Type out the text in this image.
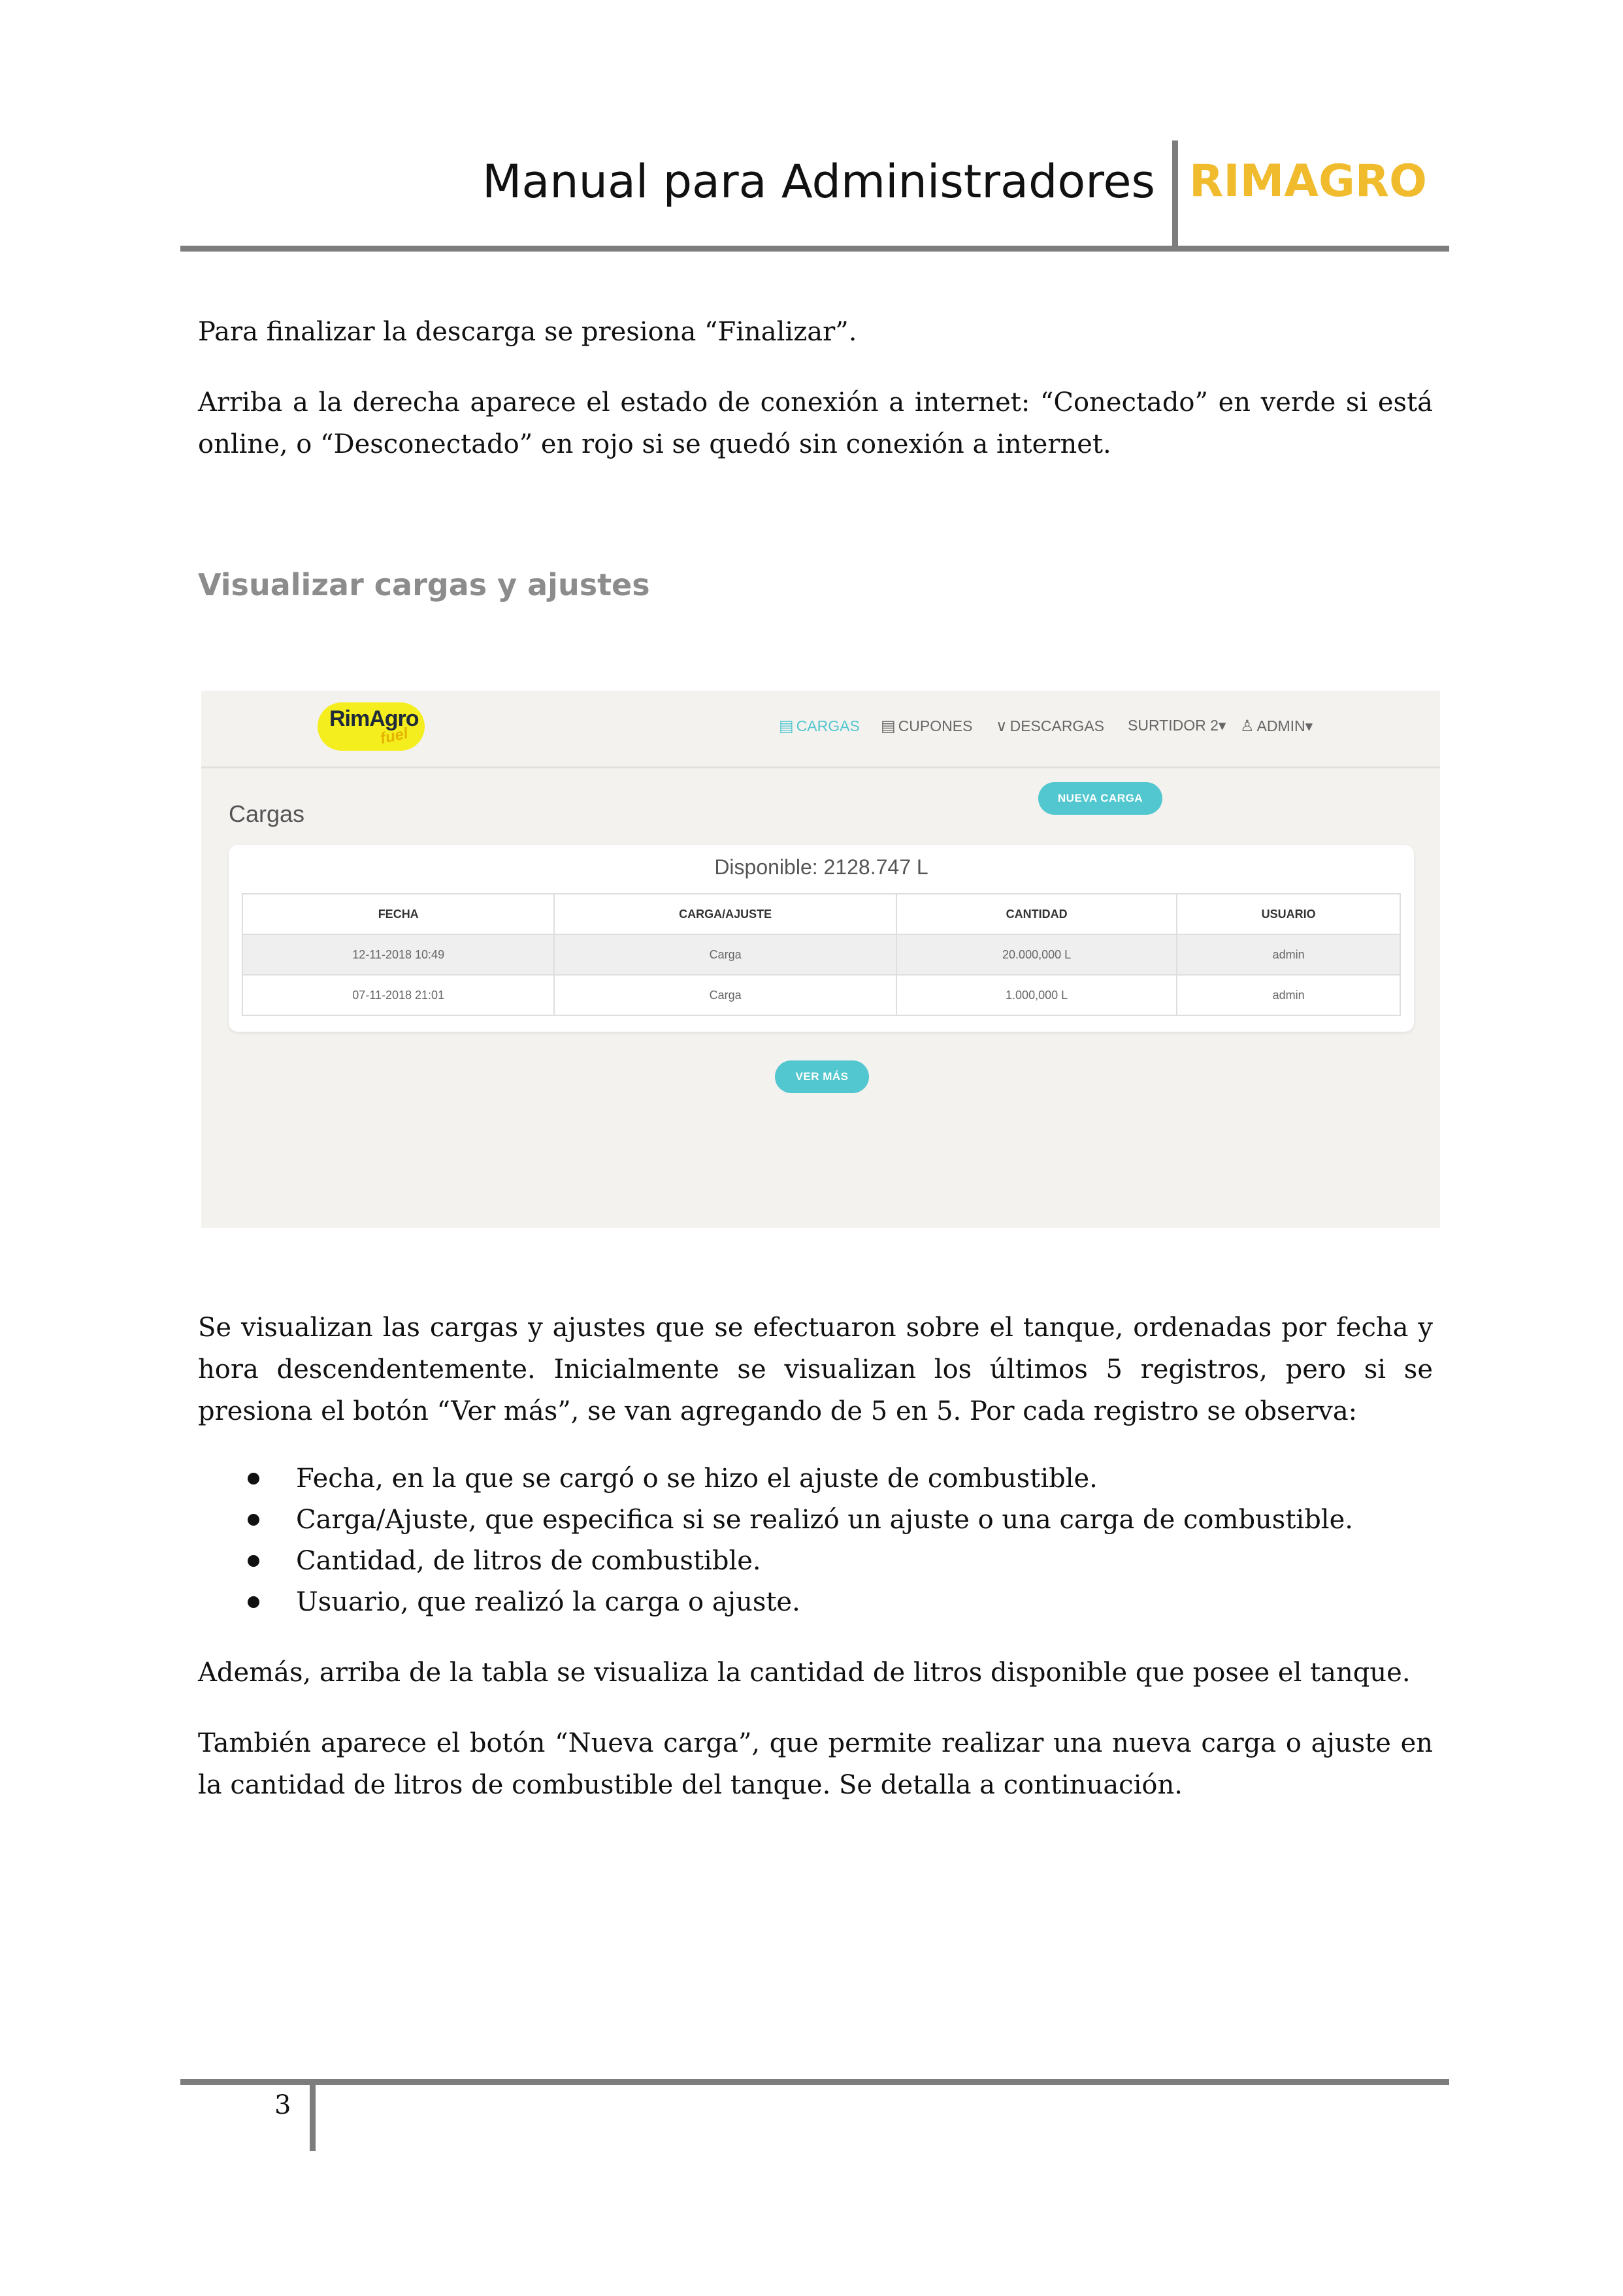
Manual para Administradores RIMAGRO

Para finalizar la descarga se presiona “Finalizar”.

Arriba a la derecha aparece el estado de conexión a internet: “Conectado” en verde si está online, o “Desconectado” en rojo si se quedó sin conexión a internet.

Visualizar cargas y ajustes
RimAgro
fuel	▤ CARGAS ▤ CUPONES ∨ DESCARGAS SURTIDOR 2▾ ♙ ADMIN▾
Cargas
NUEVA CARGA
Disponible: 2128.747 L
FECHA	CARGA/AJUSTE	CANTIDAD	USUARIO
12-11-2018 10:49	Carga	20.000,000 L	admin
07-11-2018 21:01	Carga	1.000,000 L	admin
VER MÁS

Se visualizan las cargas y ajustes que se efectuaron sobre el tanque, ordenadas por fecha y hora descendentemente. Inicialmente se visualizan los últimos 5 registros, pero si se presiona el botón “Ver más”, se van agregando de 5 en 5. Por cada registro se observa:

Fecha, en la que se cargó o se hizo el ajuste de combustible.
Carga/Ajuste, que especifica si se realizó un ajuste o una carga de combustible.
Cantidad, de litros de combustible.
Usuario, que realizó la carga o ajuste.

Además, arriba de la tabla se visualiza la cantidad de litros disponible que posee el tanque.

También aparece el botón “Nueva carga”, que permite realizar una nueva carga o ajuste en la cantidad de litros de combustible del tanque. Se detalla a continuación.

3
